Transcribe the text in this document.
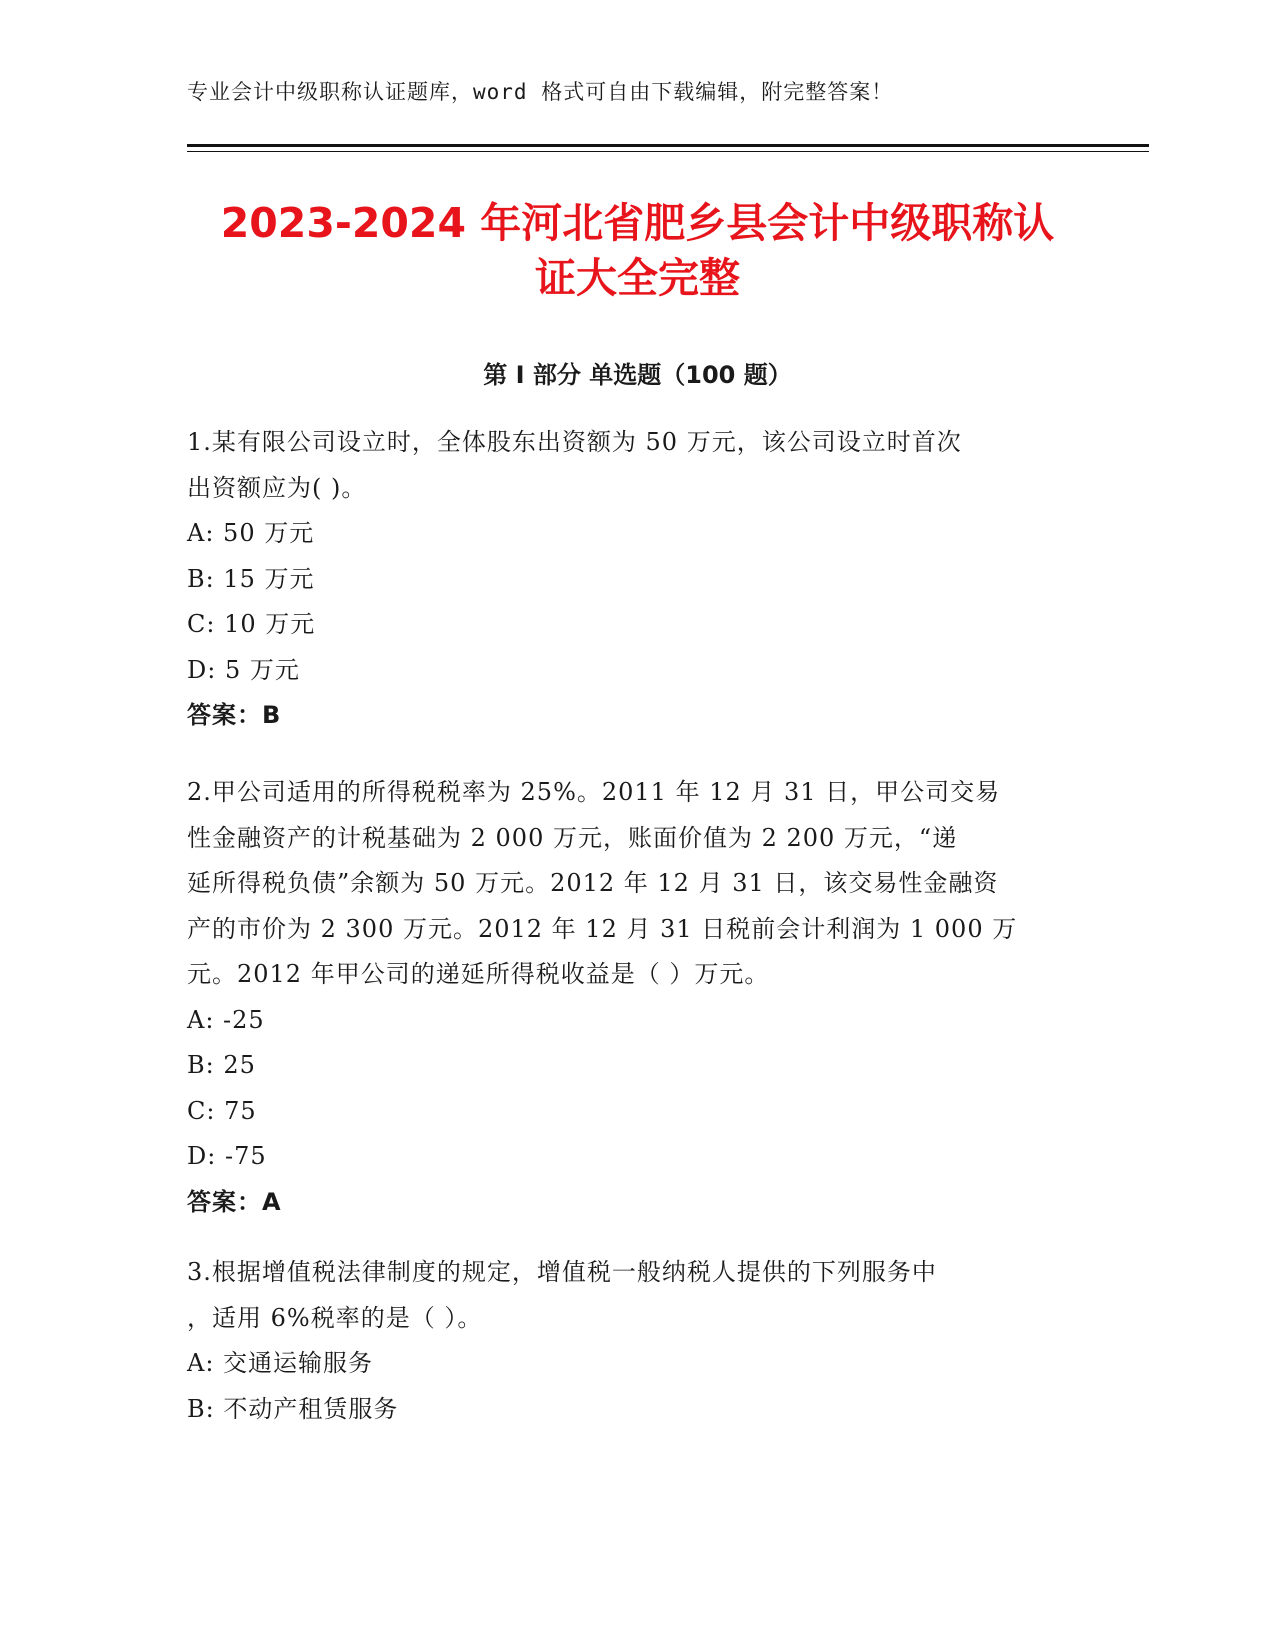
专业会计中级职称认证题库，word 格式可自由下载编辑，附完整答案！
2023-2024 年河北省肥乡县会计中级职称认
证大全完整
第 I 部分 单选题（100 题）
1.某有限公司设立时，全体股东出资额为 50 万元，该公司设立时首次
出资额应为( )。
A: 50 万元
B: 15 万元
C: 10 万元
D: 5 万元
答案：B
2.甲公司适用的所得税税率为 25%。2011 年 12 月 31 日，甲公司交易
性金融资产的计税基础为 2 000 万元，账面价值为 2 200 万元，“递
延所得税负债”余额为 50 万元。2012 年 12 月 31 日，该交易性金融资
产的市价为 2 300 万元。2012 年 12 月 31 日税前会计利润为 1 000 万
元。2012 年甲公司的递延所得税收益是（ ）万元。
A: -25
B: 25
C: 75
D: -75
答案：A
3.根据增值税法律制度的规定，增值税一般纳税人提供的下列服务中
，适用 6%税率的是（ ）。
A: 交通运输服务
B: 不动产租赁服务
